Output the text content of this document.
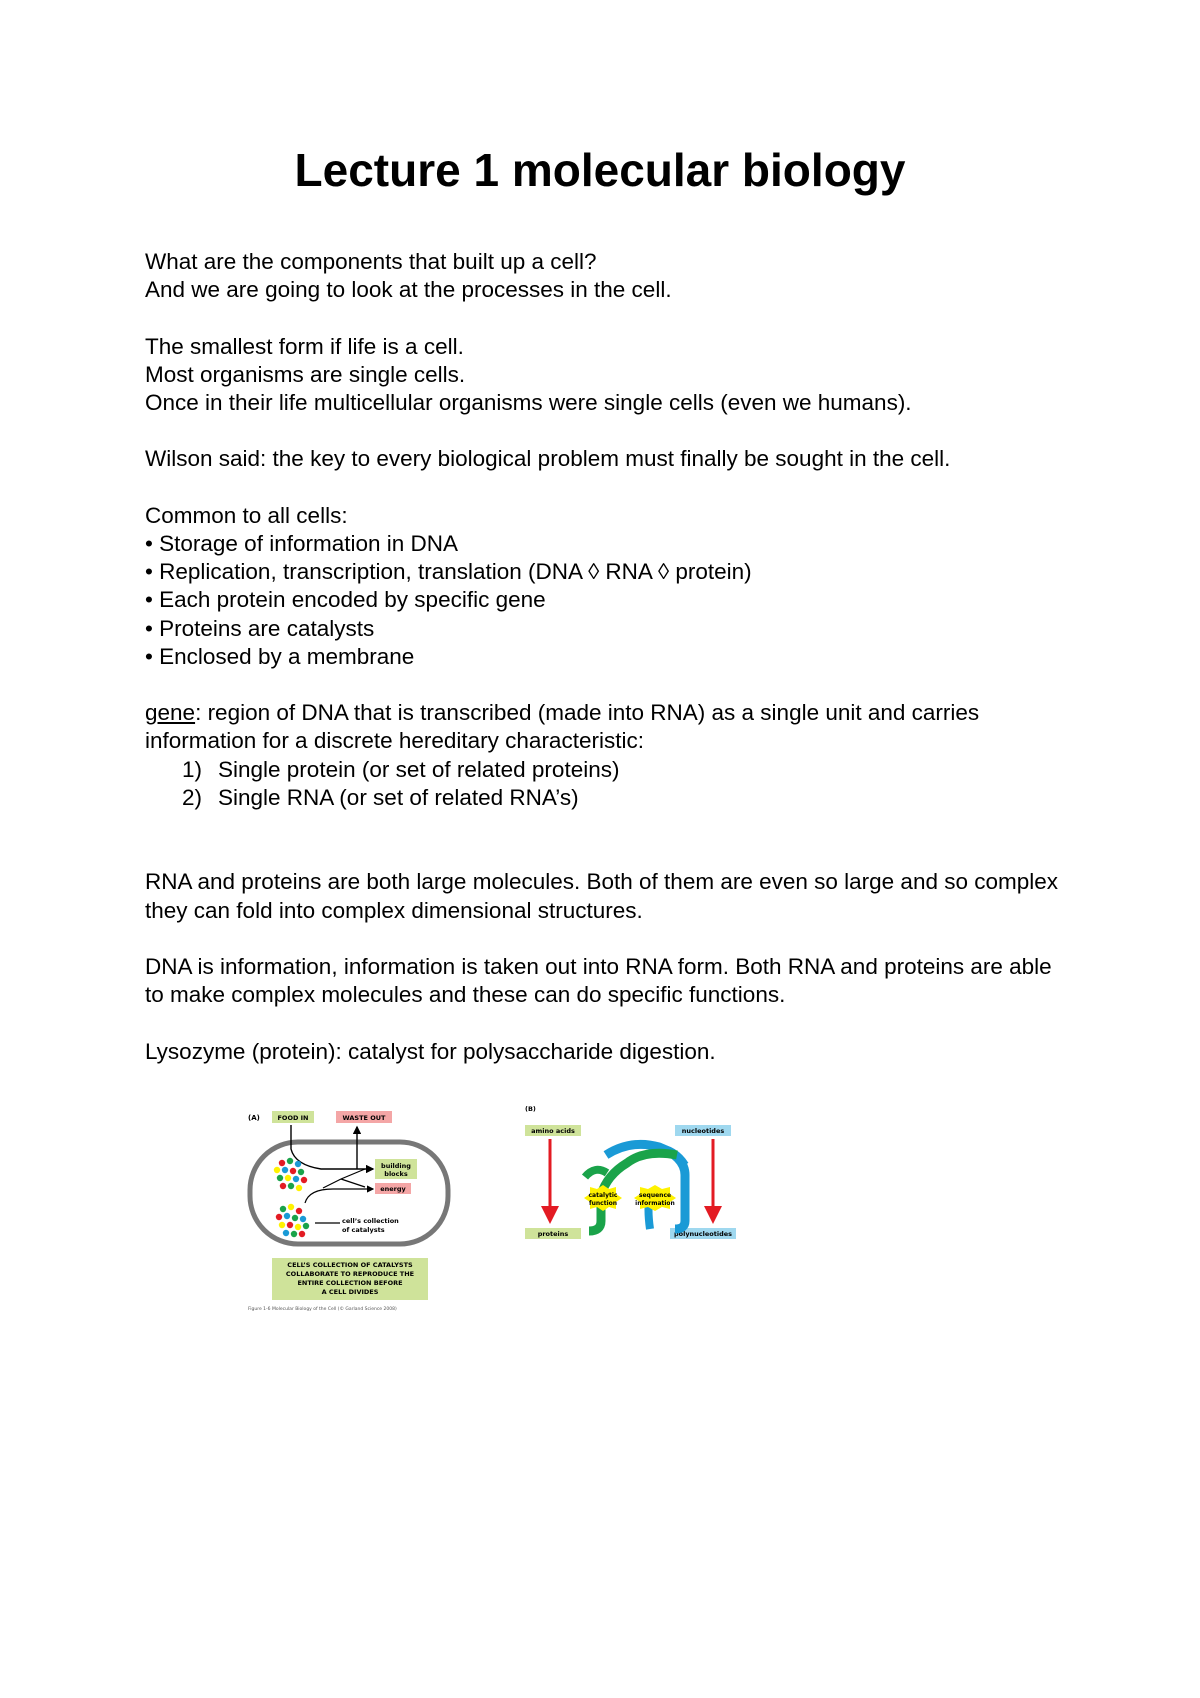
Lecture 1 molecular biology

What are the components that built up a cell?

And we are going to look at the processes in the cell.

The smallest form if life is a cell.

Most organisms are single cells.

Once in their life multicellular organisms were single cells (even we humans).

Wilson said: the key to every biological problem must finally be sought in the cell.

Common to all cells:

• Storage of information in DNA
• Replication, transcription, translation (DNA ◊ RNA ◊ protein)
• Each protein encoded by specific gene
• Proteins are catalysts
• Enclosed by a membrane

gene: region of DNA that is transcribed (made into RNA) as a single unit and carries information for a discrete hereditary characteristic:

1) Single protein (or set of related proteins)
2) Single RNA (or set of related RNA’s)

RNA and proteins are both large molecules. Both of them are even so large and so complex they can fold into complex dimensional structures.

DNA is information, information is taken out into RNA form. Both RNA and proteins are able to make complex molecules and these can do specific functions.

Lysozyme (protein): catalyst for polysaccharide digestion.

(A)	FOOD IN	WASTE OUT
building
blocks
energy
cell’s collection
of catalysts
CELL’S COLLECTION OF CATALYSTS
COLLABORATE TO REPRODUCE THE
ENTIRE COLLECTION BEFORE
A CELL DIVIDES
Figure 1-6 Molecular Biology of the Cell (© Garland Science 2008)
(B)
amino acids	nucleotides
proteins	polynucleotides
catalytic
function
sequence
information
